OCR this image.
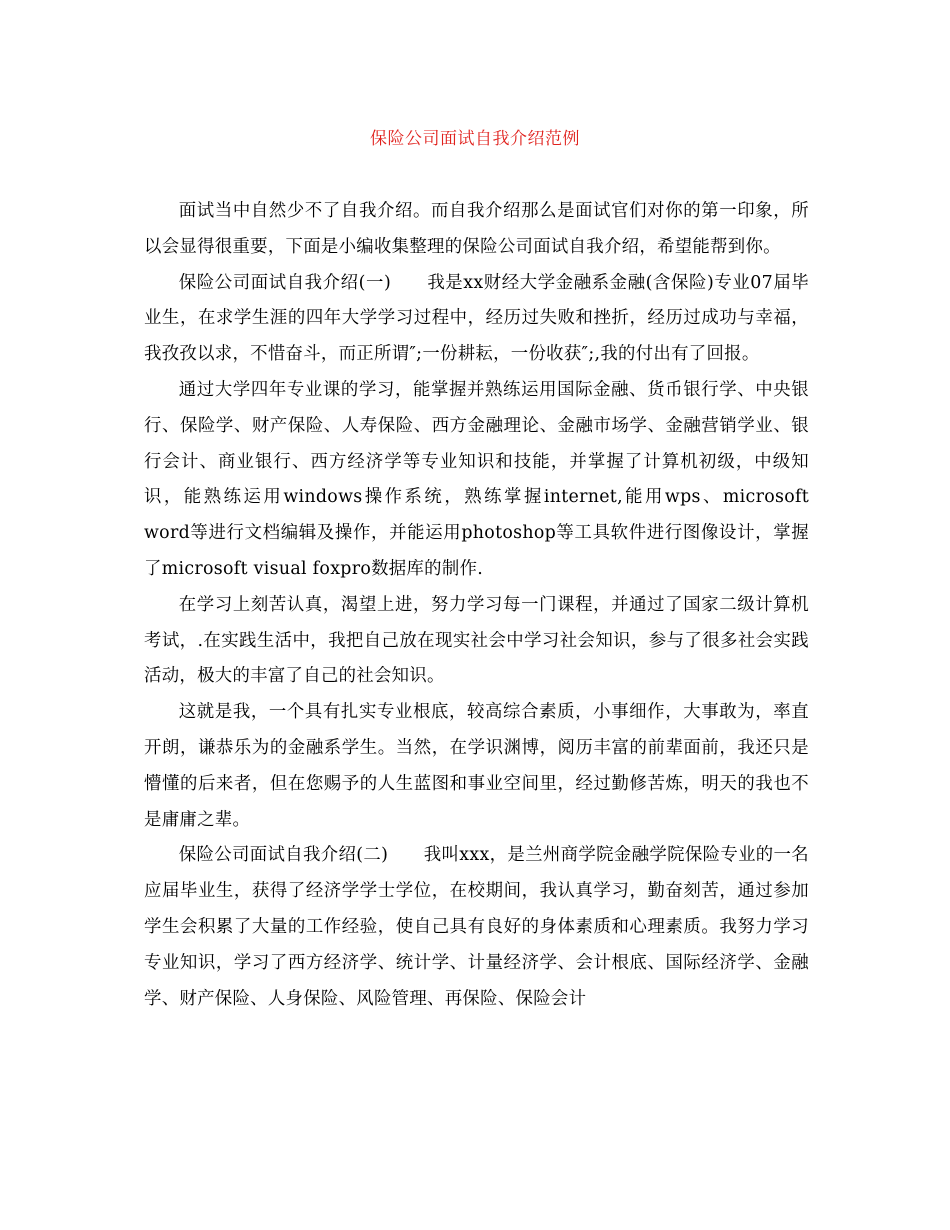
保险公司面试自我介绍范例

面试当中自然少不了自我介绍。而自我介绍那么是面试官们对你的第一印象，所以会显得很重要，下面是小编收集整理的保险公司面试自我介绍，希望能帮到你。

保险公司面试自我介绍(一)　　我是xx财经大学金融系金融(含保险)专业07届毕业生，在求学生涯的四年大学学习过程中，经历过失败和挫折，经历过成功与幸福，我孜孜以求，不惜奋斗，而正所谓″;一份耕耘，一份收获″;,我的付出有了回报。

通过大学四年专业课的学习，能掌握并熟练运用国际金融、货币银行学、中央银行、保险学、财产保险、人寿保险、西方金融理论、金融市场学、金融营销学业、银行会计、商业银行、西方经济学等专业知识和技能，并掌握了计算机初级，中级知识，能熟练运用windows操作系统，熟练掌握internet,能用wps、microsoft word等进行文档编辑及操作，并能运用photoshop等工具软件进行图像设计，掌握了microsoft visual foxpro数据库的制作.

在学习上刻苦认真，渴望上进，努力学习每一门课程，并通过了国家二级计算机考试，.在实践生活中，我把自己放在现实社会中学习社会知识，参与了很多社会实践活动，极大的丰富了自己的社会知识。

这就是我，一个具有扎实专业根底，较高综合素质，小事细作，大事敢为，率直开朗，谦恭乐为的金融系学生。当然，在学识渊博，阅历丰富的前辈面前，我还只是懵懂的后来者，但在您赐予的人生蓝图和事业空间里，经过勤修苦炼，明天的我也不是庸庸之辈。

保险公司面试自我介绍(二)　　我叫xxx，是兰州商学院金融学院保险专业的一名应届毕业生，获得了经济学学士学位，在校期间，我认真学习，勤奋刻苦，通过参加学生会积累了大量的工作经验，使自己具有良好的身体素质和心理素质。我努力学习专业知识，学习了西方经济学、统计学、计量经济学、会计根底、国际经济学、金融学、财产保险、人身保险、风险管理、再保险、保险会计
